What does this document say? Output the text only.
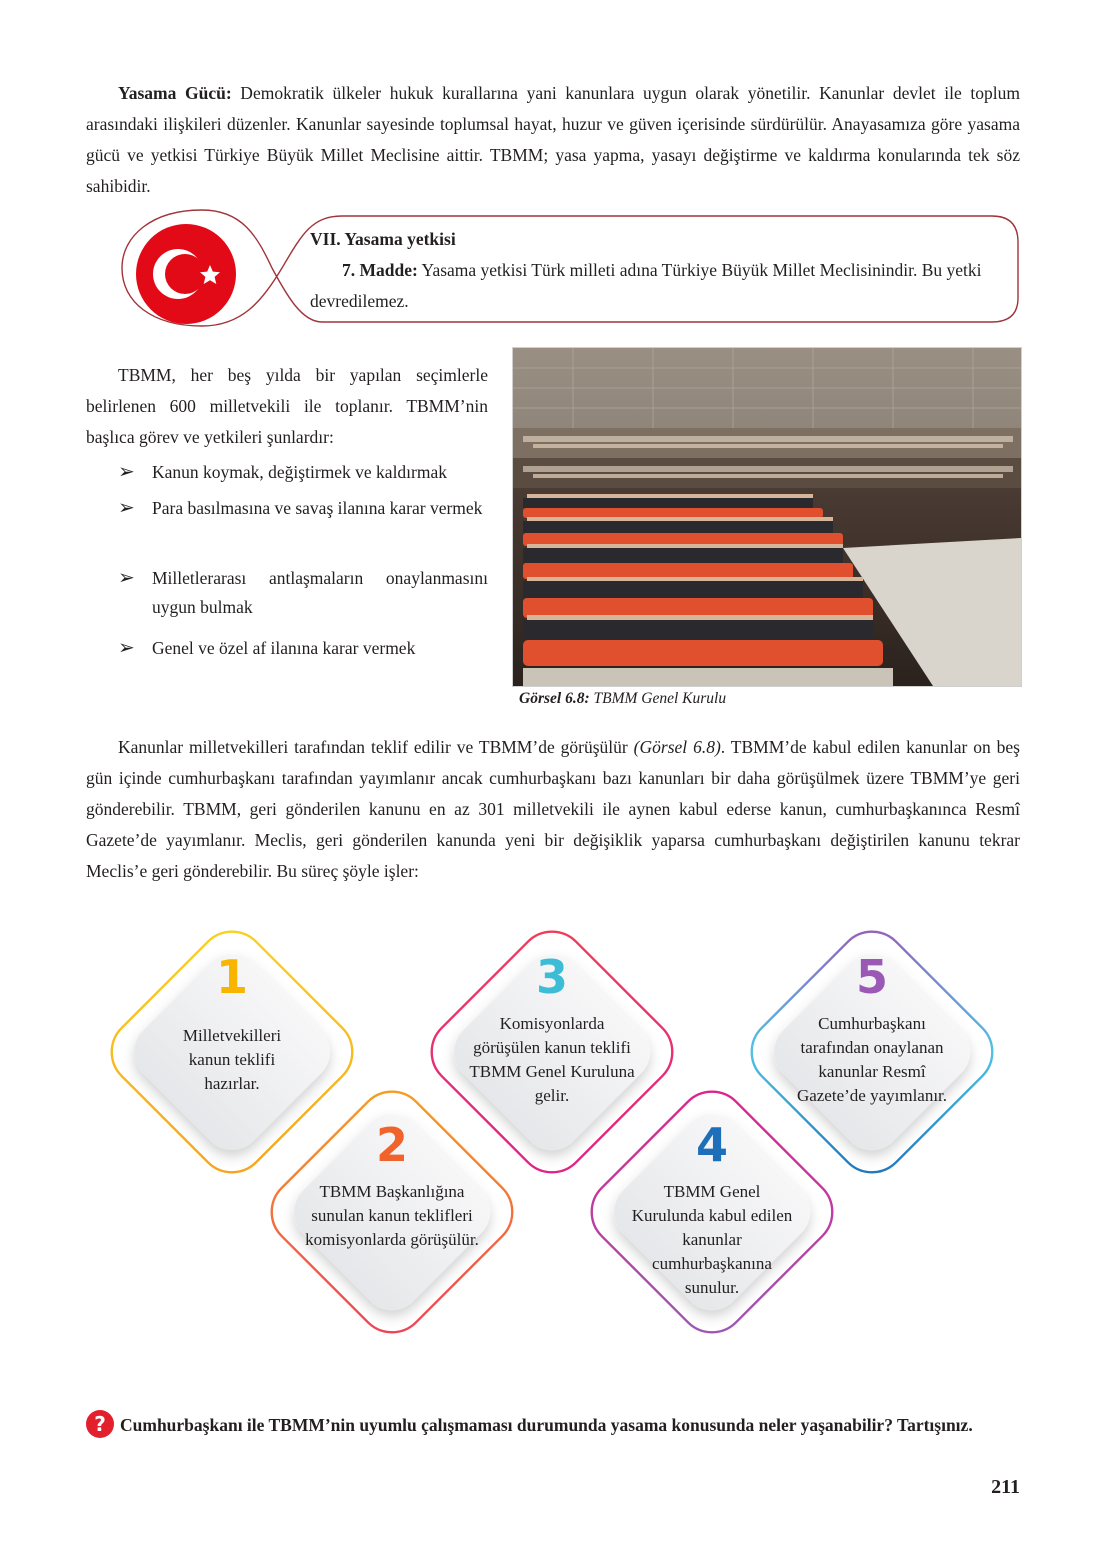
Yasama Gücü: Demokratik ülkeler hukuk kurallarına yani kanunlara uygun olarak yönetilir. Kanunlar devlet ile toplum arasındaki ilişkileri düzenler. Kanunlar sayesinde toplumsal hayat, huzur ve güven içerisinde sürdürülür. Anayasamıza göre yasama gücü ve yetkisi Türkiye Büyük Millet Meclisine aittir. TBMM; yasa yapma, yasayı değiştirme ve kaldırma konularında tek söz sahibidir.
VII. Yasama yetkisi
7. Madde: Yasama yetkisi Türk milleti adına Türkiye Büyük Millet Meclisinindir. Bu yetki devredilemez.
TBMM, her beş yılda bir yapılan seçimlerle belirlenen 600 milletvekili ile toplanır. TBMM’nin başlıca görev ve yetkileri şunlardır:
➢ Kanun koymak, değiştirmek ve kaldırmak
➢ Para basılmasına ve savaş ilanına karar vermek
➢ Milletlerarası antlaşmaların onaylanmasını uygun bulmak
➢ Genel ve özel af ilanına karar vermek
Görsel 6.8: TBMM Genel Kurulu
Kanunlar milletvekilleri tarafından teklif edilir ve TBMM’de görüşülür (Görsel 6.8). TBMM’de kabul edilen kanunlar on beş gün içinde cumhurbaşkanı tarafından yayımlanır ancak cumhurbaşkanı bazı kanunları bir daha görüşülmek üzere TBMM’ye geri gönderebilir. TBMM, geri gönderilen kanunu en az 301 milletvekili ile aynen kabul ederse kanun, cumhurbaşkanınca Resmî Gazete’de yayımlanır. Meclis, geri gönderilen kanunda yeni bir değişiklik yaparsa cumhurbaşkanı değiştirilen kanunu tekrar Meclis’e geri gönderebilir. Bu süreç şöyle işler:
1
Milletvekilleri kanun teklifi hazırlar.
2
TBMM Başkanlığına sunulan kanun teklifleri komisyonlarda görüşülür.
3
Komisyonlarda görüşülen kanun teklifi TBMM Genel Kuruluna gelir.
4
TBMM Genel Kurulunda kabul edilen kanunlar cumhurbaşkanına sunulur.
5
Cumhurbaşkanı tarafından onaylanan kanunlar Resmî Gazete’de yayımlanır.
? Cumhurbaşkanı ile TBMM’nin uyumlu çalışmaması durumunda yasama konusunda neler yaşanabilir? Tartışınız.
211
